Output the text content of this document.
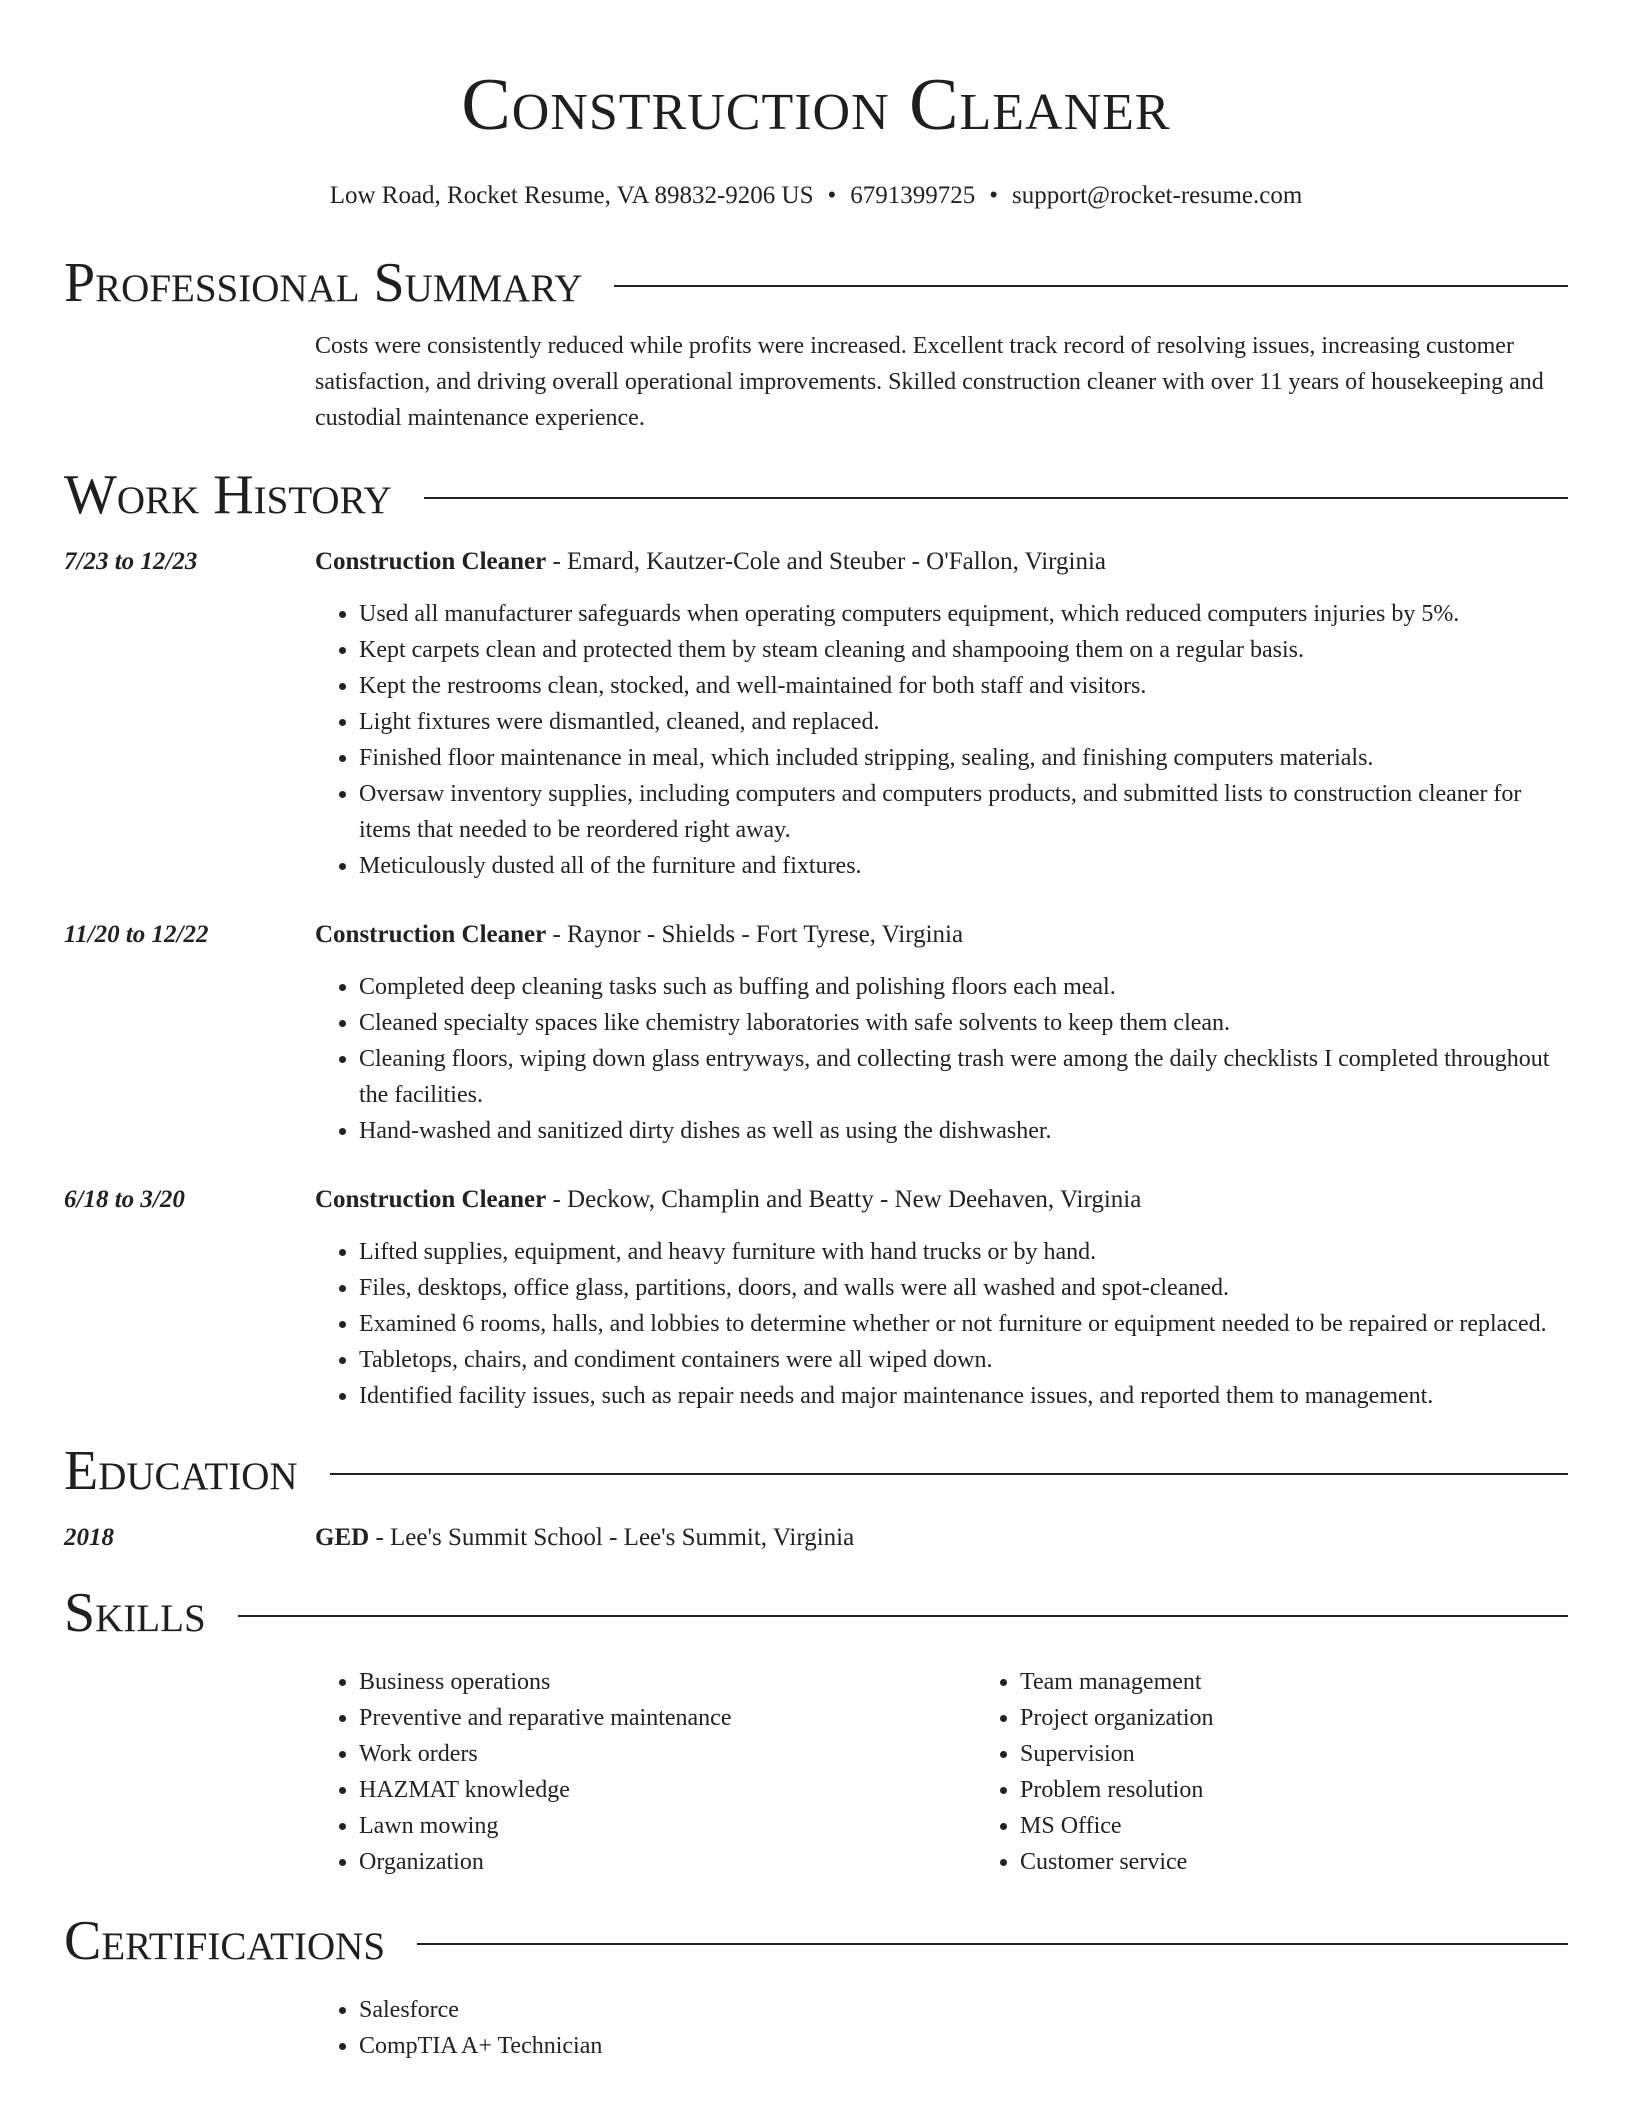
Construction Cleaner
Low Road, Rocket Resume, VA 89832-9206 US • 6791399725 • support@rocket-resume.com
Professional Summary
Costs were consistently reduced while profits were increased. Excellent track record of resolving issues, increasing customer satisfaction, and driving overall operational improvements. Skilled construction cleaner with over 11 years of housekeeping and custodial maintenance experience.
Work History
7/23 to 12/23	Construction Cleaner - Emard, Kautzer-Cole and Steuber - O'Fallon, Virginia
• Used all manufacturer safeguards when operating computers equipment, which reduced computers injuries by 5%.
• Kept carpets clean and protected them by steam cleaning and shampooing them on a regular basis.
• Kept the restrooms clean, stocked, and well-maintained for both staff and visitors.
• Light fixtures were dismantled, cleaned, and replaced.
• Finished floor maintenance in meal, which included stripping, sealing, and finishing computers materials.
• Oversaw inventory supplies, including computers and computers products, and submitted lists to construction cleaner for items that needed to be reordered right away.
• Meticulously dusted all of the furniture and fixtures.
11/20 to 12/22	Construction Cleaner - Raynor - Shields - Fort Tyrese, Virginia
• Completed deep cleaning tasks such as buffing and polishing floors each meal.
• Cleaned specialty spaces like chemistry laboratories with safe solvents to keep them clean.
• Cleaning floors, wiping down glass entryways, and collecting trash were among the daily checklists I completed throughout the facilities.
• Hand-washed and sanitized dirty dishes as well as using the dishwasher.
6/18 to 3/20	Construction Cleaner - Deckow, Champlin and Beatty - New Deehaven, Virginia
• Lifted supplies, equipment, and heavy furniture with hand trucks or by hand.
• Files, desktops, office glass, partitions, doors, and walls were all washed and spot-cleaned.
• Examined 6 rooms, halls, and lobbies to determine whether or not furniture or equipment needed to be repaired or replaced.
• Tabletops, chairs, and condiment containers were all wiped down.
• Identified facility issues, such as repair needs and major maintenance issues, and reported them to management.
Education
2018	GED - Lee's Summit School - Lee's Summit, Virginia
Skills
• Business operations
• Preventive and reparative maintenance
• Work orders
• HAZMAT knowledge
• Lawn mowing
• Organization
• Team management
• Project organization
• Supervision
• Problem resolution
• MS Office
• Customer service
Certifications
• Salesforce
• CompTIA A+ Technician
